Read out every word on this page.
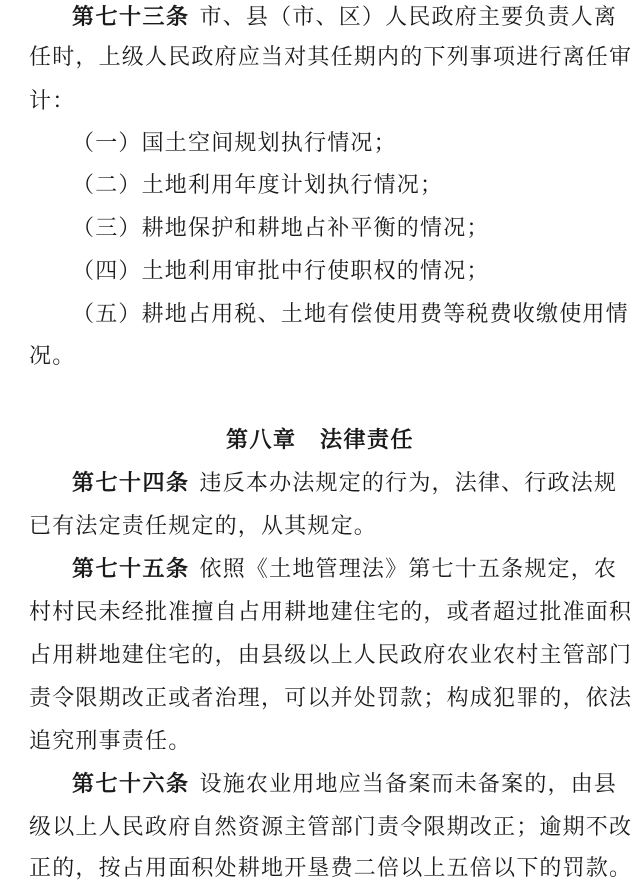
第七十三条 市、县（市、区）人民政府主要负责人离
任时，上级人民政府应当对其任期内的下列事项进行离任审
计：
（一）国土空间规划执行情况；
（二）土地利用年度计划执行情况；
（三）耕地保护和耕地占补平衡的情况；
（四）土地利用审批中行使职权的情况；
（五）耕地占用税、土地有偿使用费等税费收缴使用情
况。
第八章　法律责任
第七十四条 违反本办法规定的行为，法律、行政法规
已有法定责任规定的，从其规定。
第七十五条 依照《土地管理法》第七十五条规定，农
村村民未经批准擅自占用耕地建住宅的，或者超过批准面积
占用耕地建住宅的，由县级以上人民政府农业农村主管部门
责令限期改正或者治理，可以并处罚款；构成犯罪的，依法
追究刑事责任。
第七十六条 设施农业用地应当备案而未备案的，由县
级以上人民政府自然资源主管部门责令限期改正；逾期不改
正的，按占用面积处耕地开垦费二倍以上五倍以下的罚款。
